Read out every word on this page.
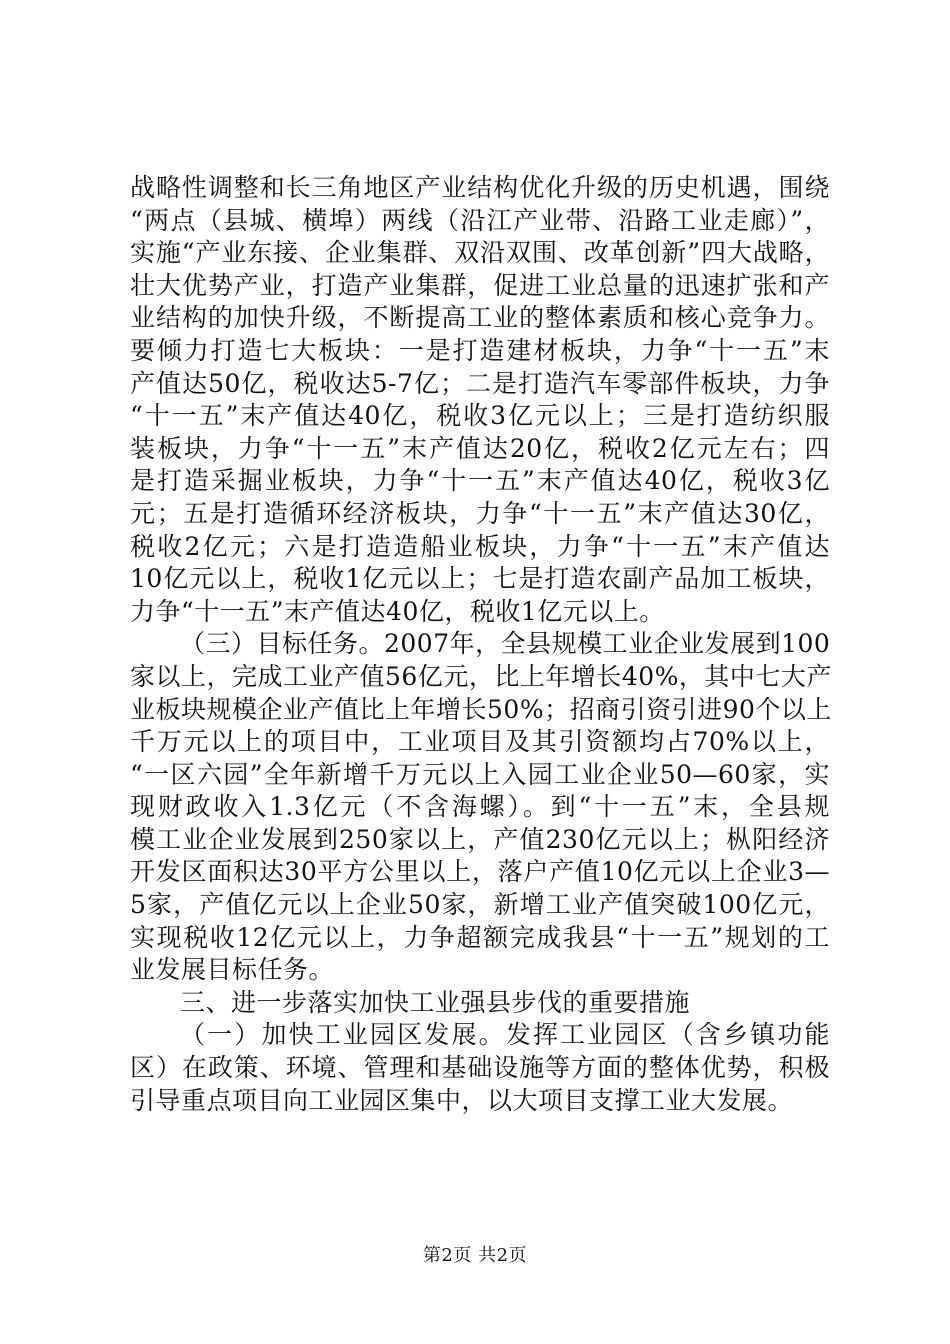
战略性调整和长三角地区产业结构优化升级的历史机遇，围绕
“两点（县城、横埠）两线（沿江产业带、沿路工业走廊）”，
实施“产业东接、企业集群、双沿双围、改革创新”四大战略，
壮大优势产业，打造产业集群，促进工业总量的迅速扩张和产
业结构的加快升级，不断提高工业的整体素质和核心竞争力。
要倾力打造七大板块：一是打造建材板块，力争“十一五”末
产值达50亿，税收达5-7亿；二是打造汽车零部件板块，力争
“十一五”末产值达40亿，税收3亿元以上；三是打造纺织服
装板块，力争“十一五”末产值达20亿，税收2亿元左右；四
是打造采掘业板块，力争“十一五”末产值达40亿，税收3亿
元；五是打造循环经济板块，力争“十一五”末产值达30亿，
税收2亿元；六是打造造船业板块，力争“十一五”末产值达
10亿元以上，税收1亿元以上；七是打造农副产品加工板块，
力争“十一五”末产值达40亿，税收1亿元以上。
（三）目标任务。2007年，全县规模工业企业发展到100
家以上，完成工业产值56亿元，比上年增长40%，其中七大产
业板块规模企业产值比上年增长50%；招商引资引进90个以上
千万元以上的项目中，工业项目及其引资额均占70%以上，
“一区六园”全年新增千万元以上入园工业企业50—60家，实
现财政收入1.3亿元（不含海螺）。到“十一五”末，全县规
模工业企业发展到250家以上，产值230亿元以上；枞阳经济
开发区面积达30平方公里以上，落户产值10亿元以上企业3—
5家，产值亿元以上企业50家，新增工业产值突破100亿元，
实现税收12亿元以上，力争超额完成我县“十一五”规划的工
业发展目标任务。
三、进一步落实加快工业强县步伐的重要措施
（一）加快工业园区发展。发挥工业园区（含乡镇功能
区）在政策、环境、管理和基础设施等方面的整体优势，积极
引导重点项目向工业园区集中，以大项目支撑工业大发展。
第2页 共2页
